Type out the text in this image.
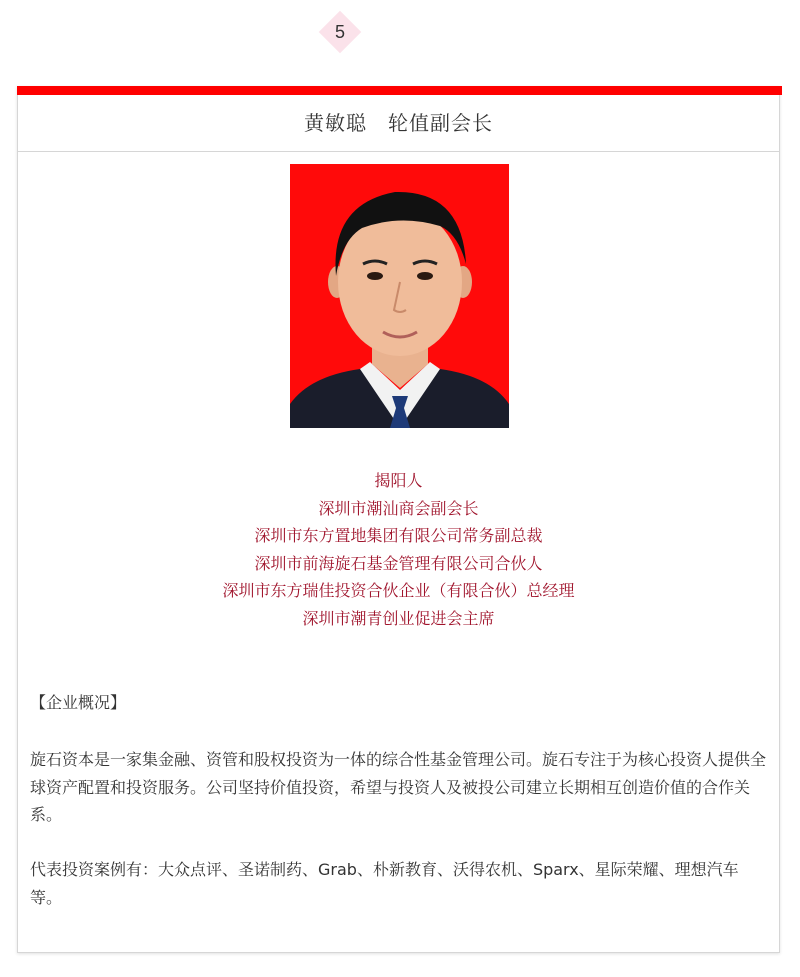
5
黄敏聪　轮值副会长
揭阳人
深圳市潮汕商会副会长
深圳市东方置地集团有限公司常务副总裁
深圳市前海旋石基金管理有限公司合伙人
深圳市东方瑞佳投资合伙企业（有限合伙）总经理
深圳市潮青创业促进会主席
【企业概况】

旋石资本是一家集金融、资管和股权投资为一体的综合性基金管理公司。旋石专注于为核心投资人提供全球资产配置和投资服务。公司坚持价值投资，希望与投资人及被投公司建立长期相互创造价值的合作关系。

代表投资案例有：大众点评、圣诺制药、Grab、朴新教育、沃得农机、Sparx、星际荣耀、理想汽车等。
